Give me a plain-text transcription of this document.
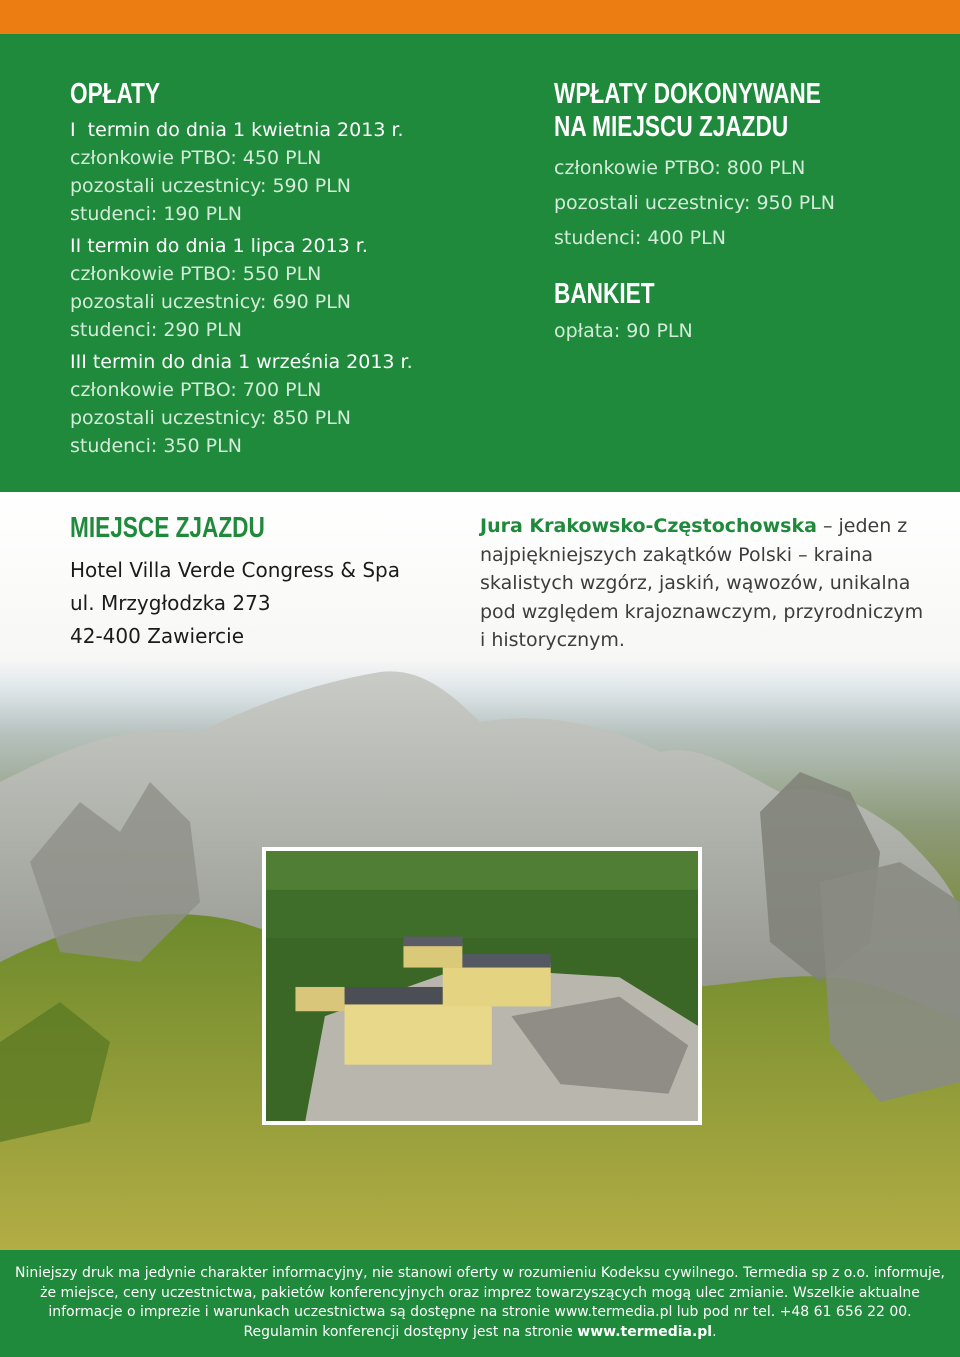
OPŁATY
I  termin do dnia 1 kwietnia 2013 r.
członkowie PTBO: 450 PLN
pozostali uczestnicy: 590 PLN
studenci: 190 PLN
II termin do dnia 1 lipca 2013 r.
członkowie PTBO: 550 PLN
pozostali uczestnicy: 690 PLN
studenci: 290 PLN
III termin do dnia 1 września 2013 r.
członkowie PTBO: 700 PLN
pozostali uczestnicy: 850 PLN
studenci: 350 PLN
WPŁATY DOKONYWANE
NA MIEJSCU ZJAZDU
członkowie PTBO: 800 PLN
pozostali uczestnicy: 950 PLN
studenci: 400 PLN
BANKIET
opłata: 90 PLN
MIEJSCE ZJAZDU
Hotel Villa Verde Congress & Spa
ul. Mrzygłodzka 273
42-400 Zawiercie

Jura Krakowsko-Częstochowska – jeden z najpiękniejszych zakątków Polski – kraina skalistych wzgórz, jaskiń, wąwozów, unikalna pod względem krajoznawczym, przyrodniczym i historycznym.

Niniejszy druk ma jedynie charakter informacyjny, nie stanowi oferty w rozumieniu Kodeksu cywilnego. Termedia sp z o.o. informuje,
że miejsce, ceny uczestnictwa, pakietów konferencyjnych oraz imprez towarzyszących mogą ulec zmianie. Wszelkie aktualne
informacje o imprezie i warunkach uczestnictwa są dostępne na stronie www.termedia.pl lub pod nr tel. +48 61 656 22 00.
Regulamin konferencji dostępny jest na stronie www.termedia.pl.
